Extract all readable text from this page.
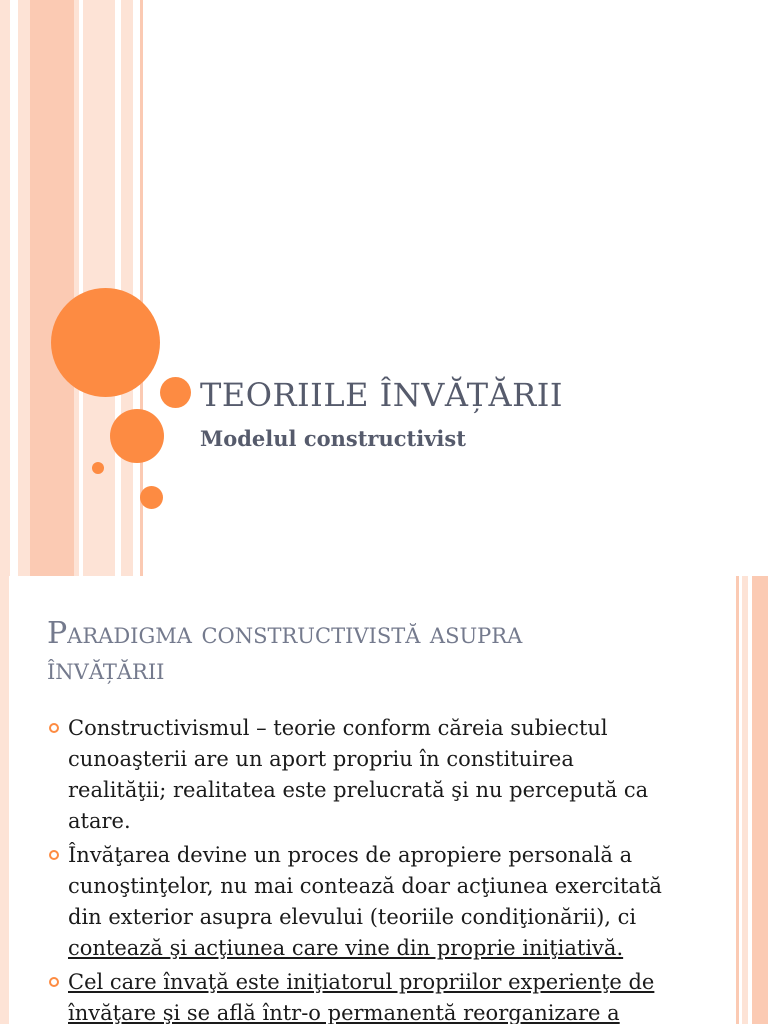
TEORIILE ÎNVĂȚĂRII
Modelul constructivist
Paradigma constructivistă asupra
învățării
Constructivismul – teorie conform căreia subiectul
cunoaşterii are un aport propriu în constituirea
realităţii; realitatea este prelucrată şi nu percepută ca
atare.
Învăţarea devine un proces de apropiere personală a
cunoştinţelor, nu mai contează doar acţiunea exercitată
din exterior asupra elevului (teoriile condiţionării), ci
contează şi acţiunea care vine din proprie iniţiativă.
Cel care învaţă este iniţiatorul propriilor experienţe de
învăţare şi se află într-o permanentă reorganizare a
